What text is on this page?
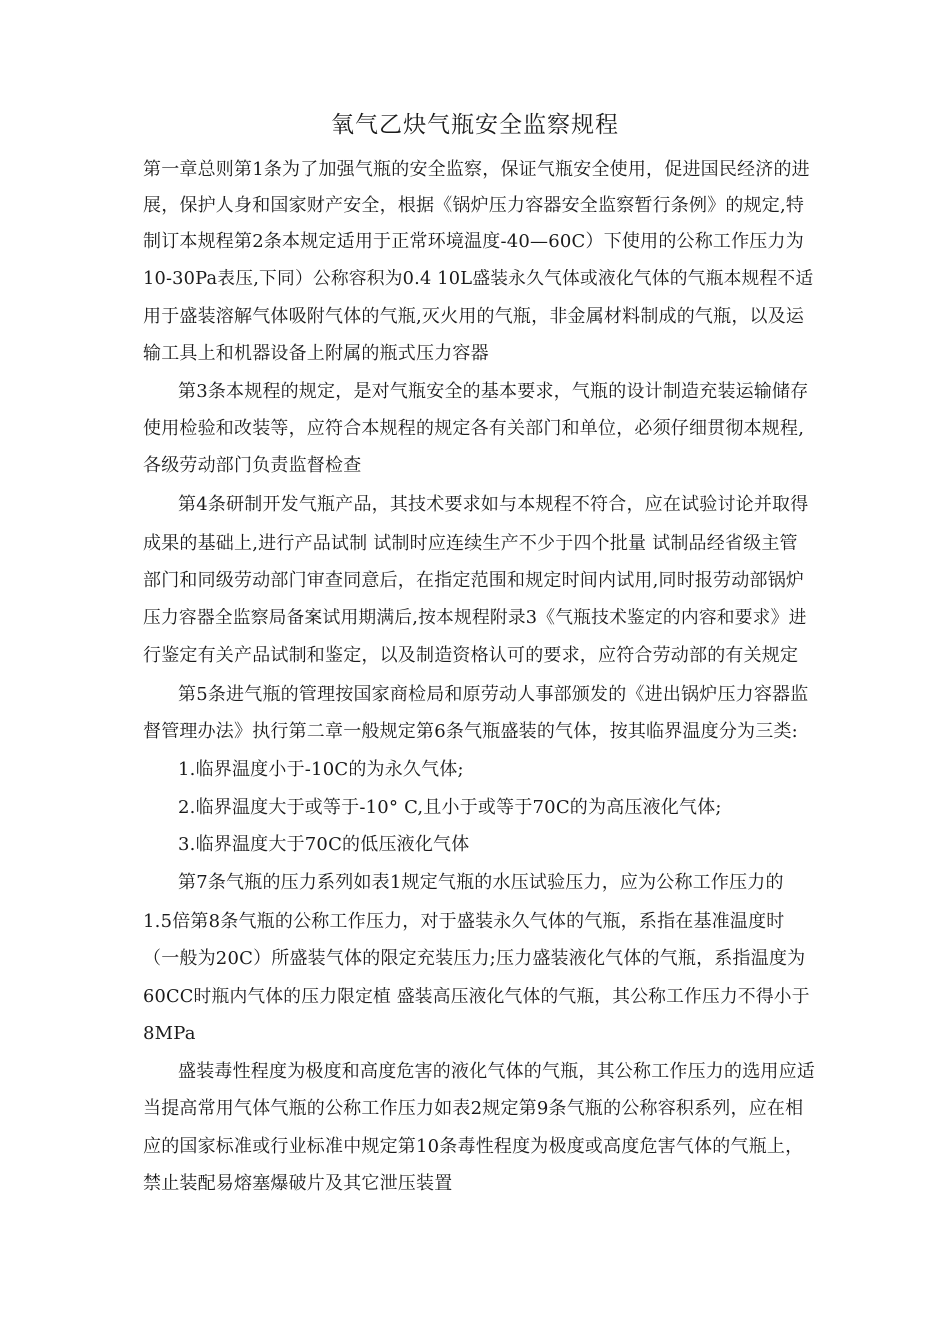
氧气乙炔气瓶安全监察规程
第一章总则第1条为了加强气瓶的安全监察，保证气瓶安全使用，促进国民经济的进
展，保护人身和国家财产安全，根据《锅炉压力容器安全监察暂行条例》的规定,特
制订本规程第2条本规定适用于正常环境温度-40—60C）下使用的公称工作压力为
10-30Pa表压,下同）公称容积为0.4 10L盛装永久气体或液化气体的气瓶本规程不适
用于盛装溶解气体吸附气体的气瓶,灭火用的气瓶，非金属材料制成的气瓶，以及运
输工具上和机器设备上附属的瓶式压力容器
第3条本规程的规定，是对气瓶安全的基本要求，气瓶的设计制造充装运输储存
使用检验和改装等，应符合本规程的规定各有关部门和单位，必须仔细贯彻本规程,
各级劳动部门负责监督检查
第4条研制开发气瓶产品，其技术要求如与本规程不符合，应在试验讨论并取得
成果的基础上,进行产品试制 试制时应连续生产不少于四个批量 试制品经省级主管
部门和同级劳动部门审查同意后，在指定范围和规定时间内试用,同时报劳动部锅炉
压力容器全监察局备案试用期满后,按本规程附录3《气瓶技术鉴定的内容和要求》进
行鉴定有关产品试制和鉴定，以及制造资格认可的要求，应符合劳动部的有关规定
第5条进气瓶的管理按国家商检局和原劳动人事部颁发的《进出锅炉压力容器监
督管理办法》执行第二章一般规定第6条气瓶盛装的气体，按其临界温度分为三类:
1.临界温度小于-10C的为永久气体;
2.临界温度大于或等于-10° C,且小于或等于70C的为高压液化气体;
3.临界温度大于70C的低压液化气体
第7条气瓶的压力系列如表1规定气瓶的水压试验压力，应为公称工作压力的
1.5倍第8条气瓶的公称工作压力，对于盛装永久气体的气瓶，系指在基准温度时
（一般为20C）所盛装气体的限定充装压力;压力盛装液化气体的气瓶，系指温度为
60CC时瓶内气体的压力限定植 盛装高压液化气体的气瓶，其公称工作压力不得小于
8MPa
盛装毒性程度为极度和高度危害的液化气体的气瓶，其公称工作压力的选用应适
当提高常用气体气瓶的公称工作压力如表2规定第9条气瓶的公称容积系列，应在相
应的国家标准或行业标准中规定第10条毒性程度为极度或高度危害气体的气瓶上，
禁止装配易熔塞爆破片及其它泄压装置
